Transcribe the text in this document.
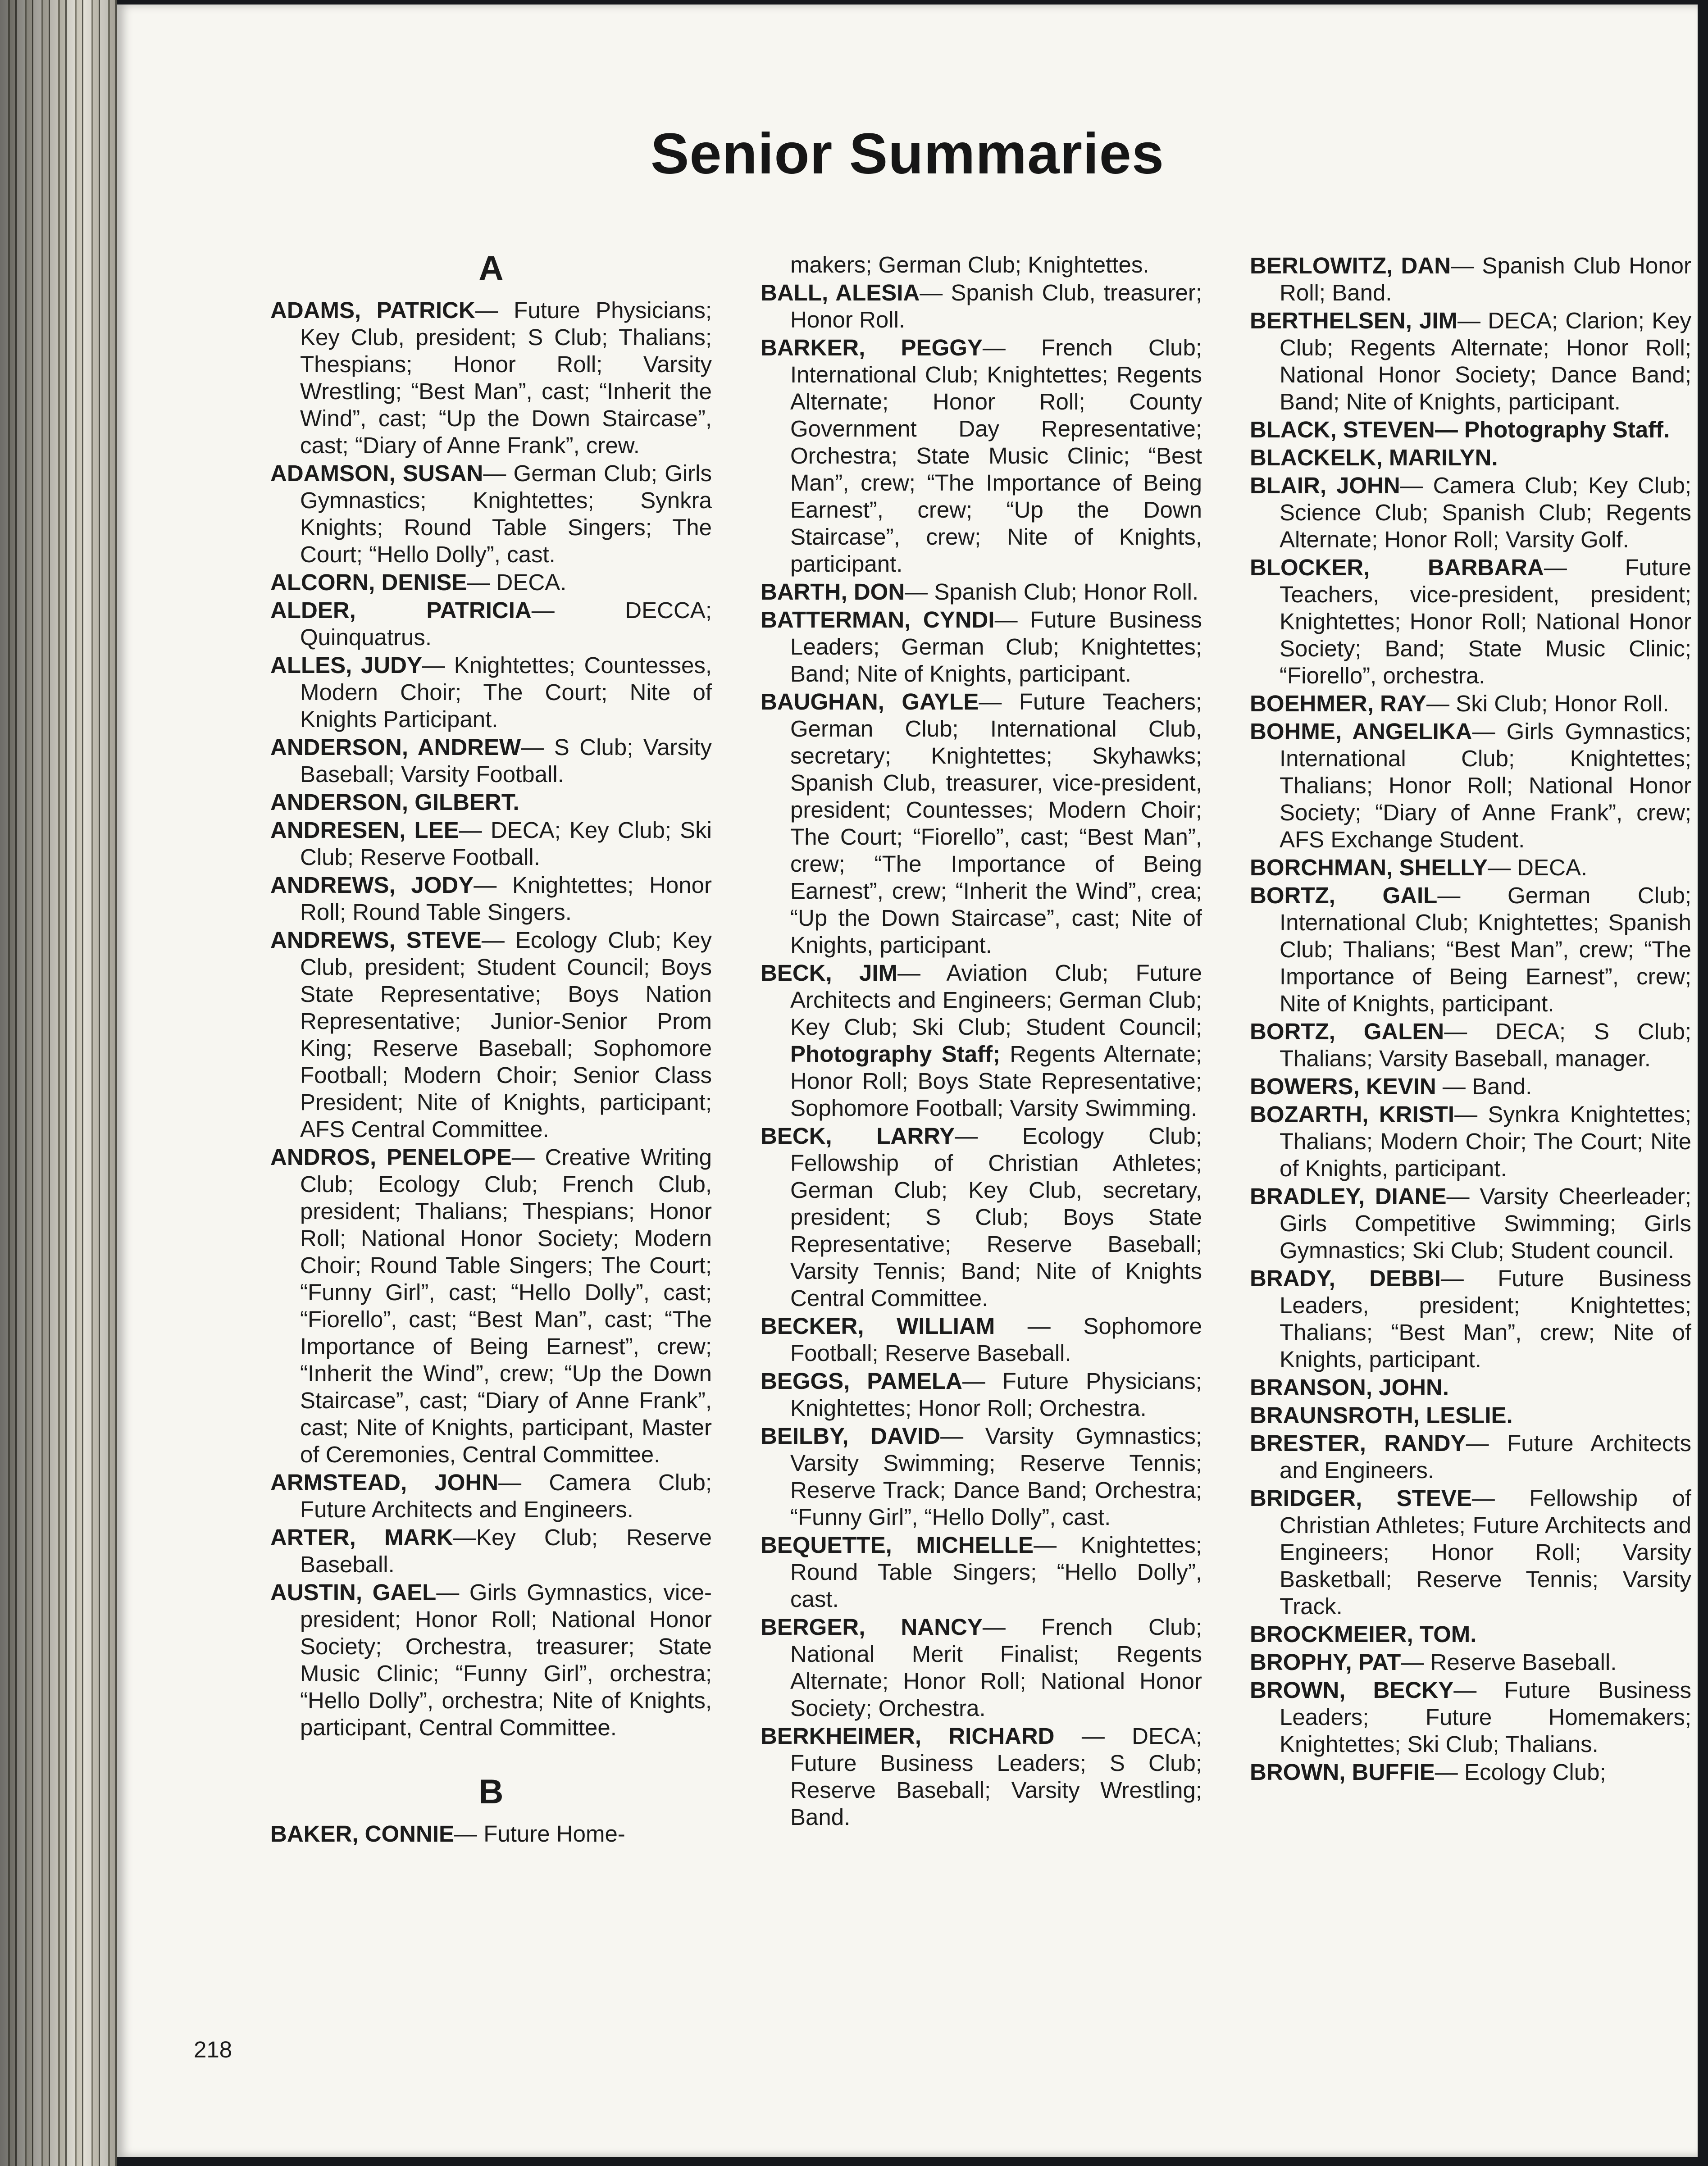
Senior Summaries
A

ADAMS, PATRICK— Future Physicians; Key Club, president; S Club; Thalians; Thespians; Honor Roll; Varsity Wrestling; “Best Man”, cast; “Inherit the Wind”, cast; “Up the Down Staircase”, cast; “Diary of Anne Frank”, crew.

ADAMSON, SUSAN— German Club; Girls Gymnastics; Knightettes; Synkra Knights; Round Table Singers; The Court; “Hello Dolly”, cast.

ALCORN, DENISE— DECA.

ALDER, PATRICIA— DECCA; Quinquatrus.

ALLES, JUDY— Knightettes; Countesses, Modern Choir; The Court; Nite of Knights Participant.

ANDERSON, ANDREW— S Club; Varsity Baseball; Varsity Football.

ANDERSON, GILBERT.

ANDRESEN, LEE— DECA; Key Club; Ski Club; Reserve Football.

ANDREWS, JODY— Knightettes; Honor Roll; Round Table Singers.

ANDREWS, STEVE— Ecology Club; Key Club, president; Student Council; Boys State Representative; Boys Nation Representative; Junior-Senior Prom King; Reserve Baseball; Sophomore Football; Modern Choir; Senior Class President; Nite of Knights, participant; AFS Central Committee.

ANDROS, PENELOPE— Creative Writing Club; Ecology Club; French Club, president; Thalians; Thespians; Honor Roll; National Honor Society; Modern Choir; Round Table Singers; The Court; “Funny Girl”, cast; “Hello Dolly”, cast; “Fiorello”, cast; “Best Man”, cast; “The Importance of Being Earnest”, crew; “Inherit the Wind”, crew; “Up the Down Staircase”, cast; “Diary of Anne Frank”, cast; Nite of Knights, participant, Master of Ceremonies, Central Committee.

ARMSTEAD, JOHN— Camera Club; Future Architects and Engineers.

ARTER, MARK—Key Club; Reserve Baseball.

AUSTIN, GAEL— Girls Gymnastics, vice-president; Honor Roll; National Honor Society; Orchestra, treasurer; State Music Clinic; “Funny Girl”, orchestra; “Hello Dolly”, orchestra; Nite of Knights, participant, Central Committee.

B

BAKER, CONNIE— Future Home-

makers; German Club; Knightettes.

BALL, ALESIA— Spanish Club, treasurer; Honor Roll.

BARKER, PEGGY— French Club; International Club; Knightettes; Regents Alternate; Honor Roll; County Government Day Representative; Orchestra; State Music Clinic; “Best Man”, crew; “The Importance of Being Earnest”, crew; “Up the Down Staircase”, crew; Nite of Knights, participant.

BARTH, DON— Spanish Club; Honor Roll.

BATTERMAN, CYNDI— Future Business Leaders; German Club; Knightettes; Band; Nite of Knights, participant.

BAUGHAN, GAYLE— Future Teachers; German Club; International Club, secretary; Knightettes; Skyhawks; Spanish Club, treasurer, vice-president, president; Countesses; Modern Choir; The Court; “Fiorello”, cast; “Best Man”, crew; “The Importance of Being Earnest”, crew; “Inherit the Wind”, crea; “Up the Down Staircase”, cast; Nite of Knights, participant.

BECK, JIM— Aviation Club; Future Architects and Engineers; German Club; Key Club; Ski Club; Student Council; Photography Staff; Regents Alternate; Honor Roll; Boys State Representative; Sophomore Football; Varsity Swimming.

BECK, LARRY— Ecology Club; Fellowship of Christian Athletes; German Club; Key Club, secretary, president; S Club; Boys State Representative; Reserve Baseball; Varsity Tennis; Band; Nite of Knights Central Committee.

BECKER, WILLIAM — Sophomore Football; Reserve Baseball.

BEGGS, PAMELA— Future Physicians; Knightettes; Honor Roll; Orchestra.

BEILBY, DAVID— Varsity Gymnastics; Varsity Swimming; Reserve Tennis; Reserve Track; Dance Band; Orchestra; “Funny Girl”, “Hello Dolly”, cast.

BEQUETTE, MICHELLE— Knightettes; Round Table Singers; “Hello Dolly”, cast.

BERGER, NANCY— French Club; National Merit Finalist; Regents Alternate; Honor Roll; National Honor Society; Orchestra.

BERKHEIMER, RICHARD — DECA; Future Business Leaders; S Club; Reserve Baseball; Varsity Wrestling; Band.

BERLOWITZ, DAN— Spanish Club Honor Roll; Band.

BERTHELSEN, JIM— DECA; Clarion; Key Club; Regents Alternate; Honor Roll; National Honor Society; Dance Band; Band; Nite of Knights, participant.

BLACK, STEVEN— Photography Staff.

BLACKELK, MARILYN.

BLAIR, JOHN— Camera Club; Key Club; Science Club; Spanish Club; Regents Alternate; Honor Roll; Varsity Golf.

BLOCKER, BARBARA— Future Teachers, vice-president, president; Knightettes; Honor Roll; National Honor Society; Band; State Music Clinic; “Fiorello”, orchestra.

BOEHMER, RAY— Ski Club; Honor Roll.

BOHME, ANGELIKA— Girls Gymnastics; International Club; Knightettes; Thalians; Honor Roll; National Honor Society; “Diary of Anne Frank”, crew; AFS Exchange Student.

BORCHMAN, SHELLY— DECA.

BORTZ, GAIL— German Club; International Club; Knightettes; Spanish Club; Thalians; “Best Man”, crew; “The Importance of Being Earnest”, crew; Nite of Knights, participant.

BORTZ, GALEN— DECA; S Club; Thalians; Varsity Baseball, manager.

BOWERS, KEVIN — Band.

BOZARTH, KRISTI— Synkra Knightettes; Thalians; Modern Choir; The Court; Nite of Knights, participant.

BRADLEY, DIANE— Varsity Cheerleader; Girls Competitive Swimming; Girls Gymnastics; Ski Club; Student council.

BRADY, DEBBI— Future Business Leaders, president; Knightettes; Thalians; “Best Man”, crew; Nite of Knights, participant.

BRANSON, JOHN.

BRAUNSROTH, LESLIE.

BRESTER, RANDY— Future Architects and Engineers.

BRIDGER, STEVE— Fellowship of Christian Athletes; Future Architects and Engineers; Honor Roll; Varsity Basketball; Reserve Tennis; Varsity Track.

BROCKMEIER, TOM.

BROPHY, PAT— Reserve Baseball.

BROWN, BECKY— Future Business Leaders; Future Homemakers; Knightettes; Ski Club; Thalians.

BROWN, BUFFIE— Ecology Club;

218
